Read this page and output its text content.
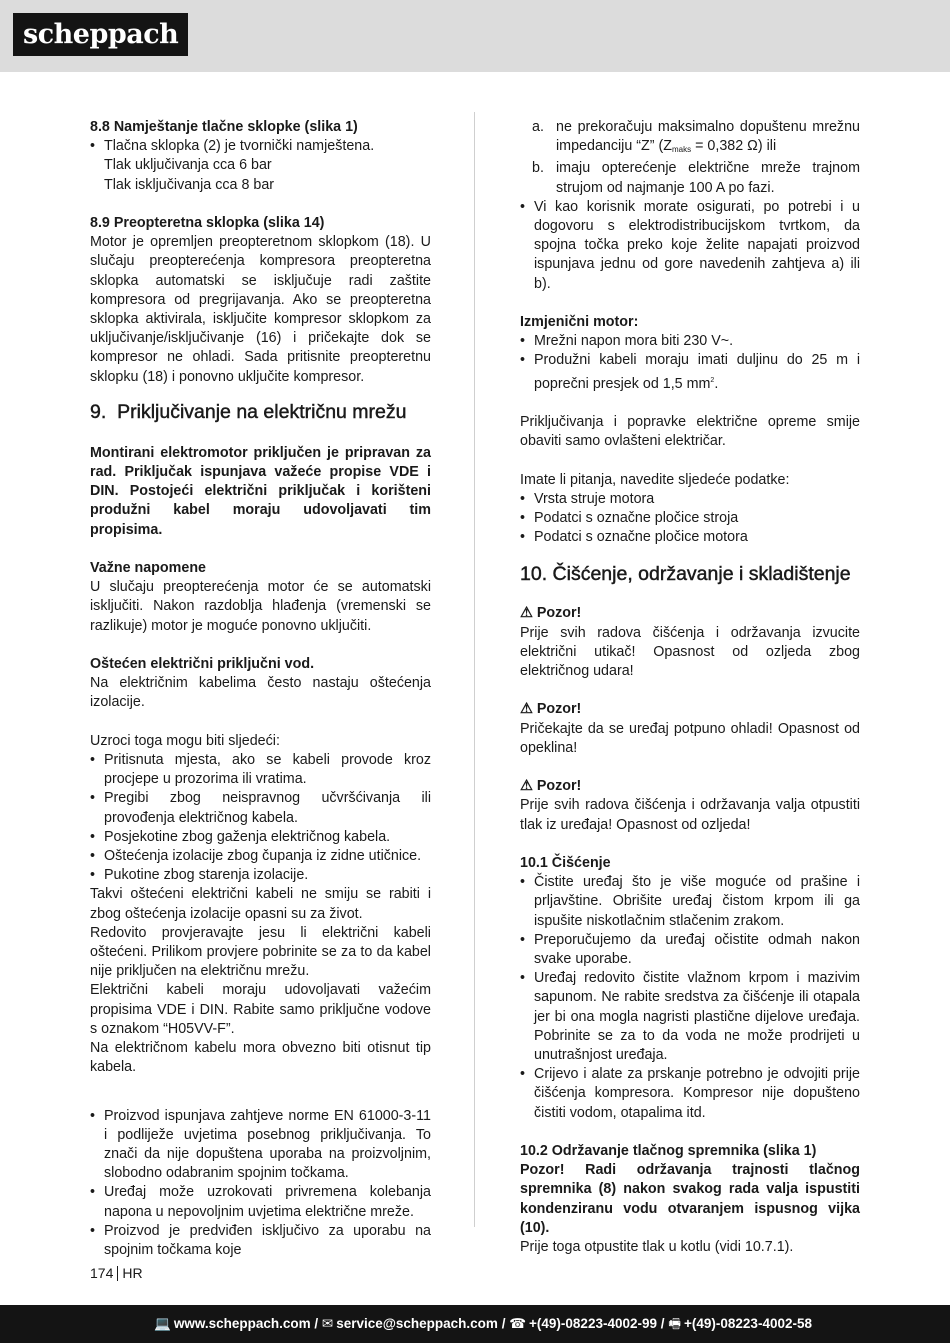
scheppach

8.8 Namještanje tlačne sklopke (slika 1)

• Tlačna sklopka (2) je tvornički namještena.

Tlak uključivanja cca 6 bar

Tlak isključivanja cca 8 bar

8.9 Preopteretna sklopka (slika 14)

Motor je opremljen preopteretnom sklopkom (18). U slučaju preopterećenja kompresora preopteretna sklopka automatski se isključuje radi zaštite kompresora od pregrijavanja. Ako se preopteretna sklopka aktivirala, isključite kompresor sklopkom za uključivanje/isključivanje (16) i pričekajte dok se kompresor ne ohladi. Sada pritisnite preopteretnu sklopku (18) i ponovno uključite kompresor.

9. Priključivanje na električnu mrežu

Montirani elektromotor priključen je pripravan za rad. Priključak ispunjava važeće propise VDE i DIN. Postojeći električni priključak i korišteni produžni kabel moraju udovoljavati tim propisima.

Važne napomene

U slučaju preopterećenja motor će se automatski isključiti. Nakon razdoblja hlađenja (vremenski se razlikuje) motor je moguće ponovno uključiti.

Oštećen električni priključni vod.

Na električnim kabelima često nastaju oštećenja izolacije.

Uzroci toga mogu biti sljedeći:

• Pritisnuta mjesta, ako se kabeli provode kroz procjepe u prozorima ili vratima.
• Pregibi zbog neispravnog učvršćivanja ili provođenja električnog kabela.
• Posjekotine zbog gaženja električnog kabela.
• Oštećenja izolacije zbog čupanja iz zidne utičnice.
• Pukotine zbog starenja izolacije.

Takvi oštećeni električni kabeli ne smiju se rabiti i zbog oštećenja izolacije opasni su za život.

Redovito provjeravajte jesu li električni kabeli oštećeni. Prilikom provjere pobrinite se za to da kabel nije priključen na električnu mrežu.

Električni kabeli moraju udovoljavati važećim propisima VDE i DIN. Rabite samo priključne vodove s oznakom “H05VV-F”.

Na električnom kabelu mora obvezno biti otisnut tip kabela.

• Proizvod ispunjava zahtjeve norme EN 61000-3-11 i podliježe uvjetima posebnog priključivanja. To znači da nije dopuštena uporaba na proizvoljnim, slobodno odabranim spojnim točkama.
• Uređaj može uzrokovati privremena kolebanja napona u nepovoljnim uvjetima električne mreže.
• Proizvod je predviđen isključivo za uporabu na spojnim točkama koje
a. ne prekoračuju maksimalno dopuštenu mrežnu impedanciju “Z” ($Z_{maks} = 0,382$ Ω) ili
b. imaju opterećenje električne mreže trajnom strujom od najmanje 100 A po fazi.
• Vi kao korisnik morate osigurati, po potrebi i u dogovoru s elektrodistribucijskom tvrtkom, da spojna točka preko koje želite napajati proizvod ispunjava jednu od gore navedenih zahtjeva a) ili b).

Izmjenični motor:

• Mrežni napon mora biti 230 V~.
• Produžni kabeli moraju imati duljinu do 25 m i poprečni presjek od 1,5 $mm^2$.

Priključivanja i popravke električne opreme smije obaviti samo ovlašteni električar.

Imate li pitanja, navedite sljedeće podatke:

• Vrsta struje motora
• Podatci s označne pločice stroja
• Podatci s označne pločice motora
10. Čišćenje, održavanje i skladištenje

⚠ Pozor!

Prije svih radova čišćenja i održavanja izvucite električni utikač! Opasnost od ozljeda zbog električnog udara!

⚠ Pozor!

Pričekajte da se uređaj potpuno ohladi! Opasnost od opeklina!

⚠ Pozor!

Prije svih radova čišćenja i održavanja valja otpustiti tlak iz uređaja! Opasnost od ozljeda!

10.1 Čišćenje

• Čistite uređaj što je više moguće od prašine i prljavštine. Obrišite uređaj čistom krpom ili ga ispušite niskotlačnim stlačenim zrakom.
• Preporučujemo da uređaj očistite odmah nakon svake uporabe.
• Uređaj redovito čistite vlažnom krpom i mazivim sapunom. Ne rabite sredstva za čišćenje ili otapala jer bi ona mogla nagristi plastične dijelove uređaja. Pobrinite se za to da voda ne može prodrijeti u unutrašnjost uređaja.
• Crijevo i alate za prskanje potrebno je odvojiti prije čišćenja kompresora. Kompresor nije dopušteno čistiti vodom, otapalima itd.

10.2 Održavanje tlačnog spremnika (slika 1)

Pozor! Radi održavanja trajnosti tlačnog spremnika (8) nakon svakog rada valja ispustiti kondenziranu vodu otvaranjem ispusnog vijka (10).

Prije toga otpustite tlak u kotlu (vidi 10.7.1).

174 HR
💻 www.scheppach.com / ✉ service@scheppach.com / ☎ +(49)-08223-4002-99 / 🖷 +(49)-08223-4002-58
